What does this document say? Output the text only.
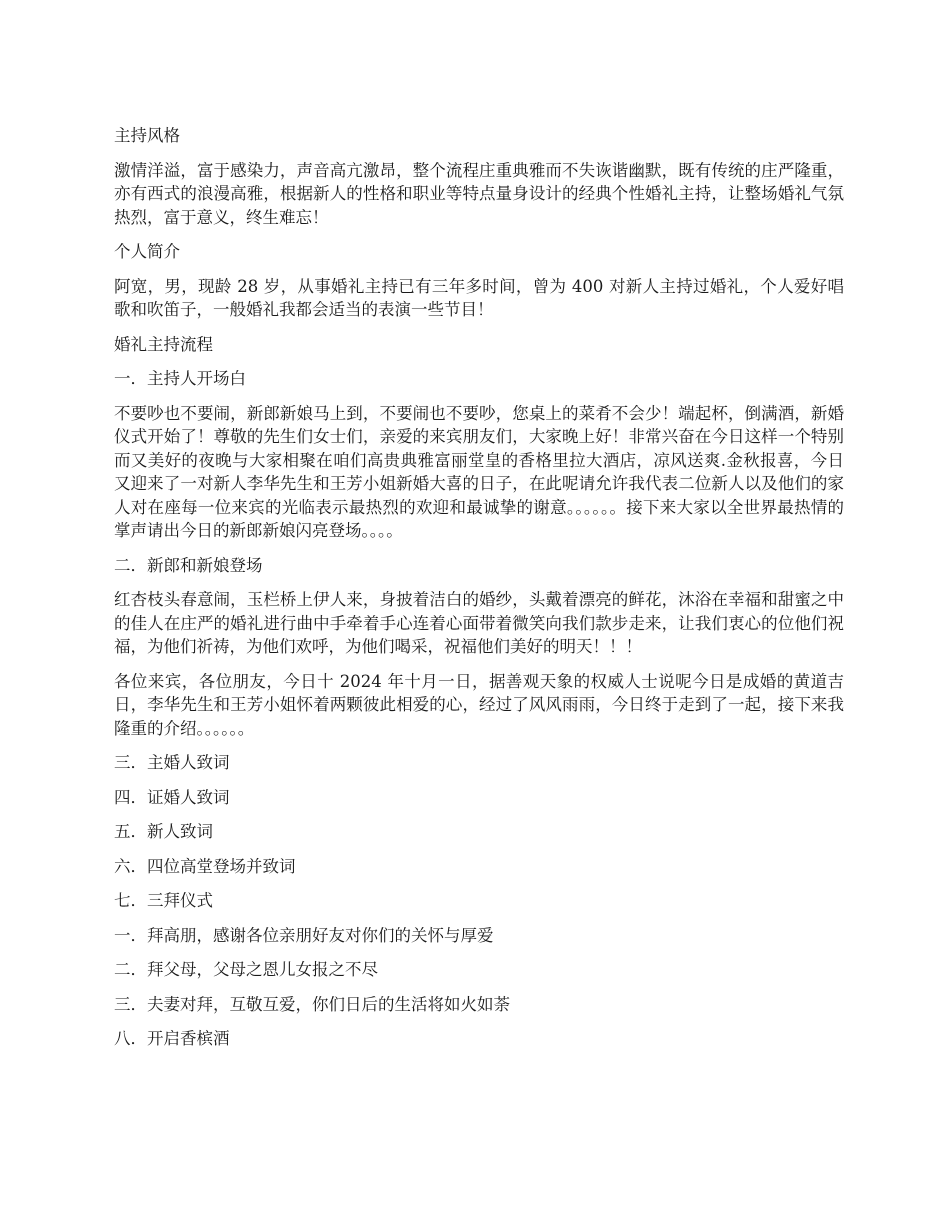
主持风格

激情洋溢，富于感染力，声音高亢激昂，整个流程庄重典雅而不失诙谐幽默，既有传统的庄严隆重，亦有西式的浪漫高雅，根据新人的性格和职业等特点量身设计的经典个性婚礼主持，让整场婚礼气氛热烈，富于意义，终生难忘！

个人简介

阿宽，男，现龄 28 岁，从事婚礼主持已有三年多时间，曾为 400 对新人主持过婚礼，个人爱好唱歌和吹笛子，一般婚礼我都会适当的表演一些节目！

婚礼主持流程

一．主持人开场白

不要吵也不要闹，新郎新娘马上到，不要闹也不要吵，您桌上的菜肴不会少！端起杯，倒满酒，新婚仪式开始了！尊敬的先生们女士们，亲爱的来宾朋友们，大家晚上好！非常兴奋在今日这样一个特别而又美好的夜晚与大家相聚在咱们高贵典雅富丽堂皇的香格里拉大酒店，凉风送爽.金秋报喜，今日又迎来了一对新人李华先生和王芳小姐新婚大喜的日子，在此呢请允许我代表二位新人以及他们的家人对在座每一位来宾的光临表示最热烈的欢迎和最诚挚的谢意。。。。。。接下来大家以全世界最热情的掌声请出今日的新郎新娘闪亮登场。。。。

二．新郎和新娘登场

红杏枝头春意闹，玉栏桥上伊人来，身披着洁白的婚纱，头戴着漂亮的鲜花，沐浴在幸福和甜蜜之中的佳人在庄严的婚礼进行曲中手牵着手心连着心面带着微笑向我们款步走来，让我们衷心的位他们祝福，为他们祈祷，为他们欢呼，为他们喝采，祝福他们美好的明天！！！

各位来宾，各位朋友，今日十 2024 年十月一日，据善观天象的权威人士说呢今日是成婚的黄道吉日，李华先生和王芳小姐怀着两颗彼此相爱的心，经过了风风雨雨，今日终于走到了一起，接下来我隆重的介绍。。。。。。

三．主婚人致词

四．证婚人致词

五．新人致词

六．四位高堂登场并致词

七．三拜仪式

一．拜高朋，感谢各位亲朋好友对你们的关怀与厚爱

二．拜父母，父母之恩儿女报之不尽

三．夫妻对拜，互敬互爱，你们日后的生活将如火如荼

八．开启香槟酒
